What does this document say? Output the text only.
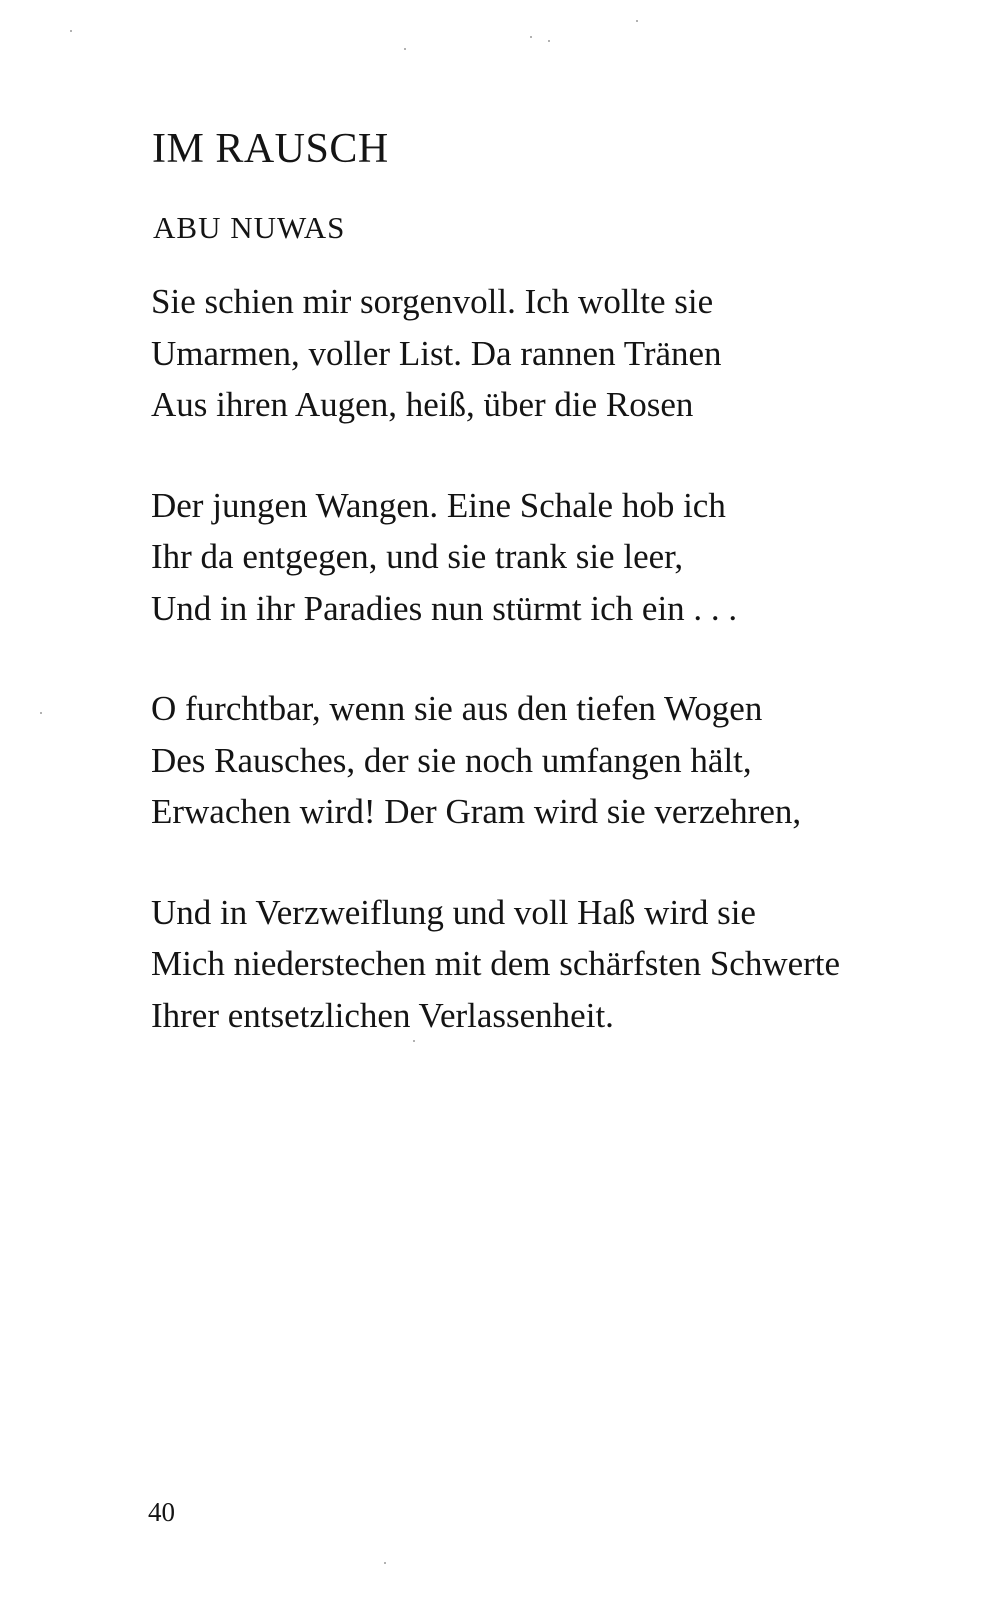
IM RAUSCH
ABU NUWAS
Sie schien mir sorgenvoll. Ich wollte sie
Umarmen, voller List. Da rannen Tränen
Aus ihren Augen, heiß, über die Rosen
Der jungen Wangen. Eine Schale hob ich
Ihr da entgegen, und sie trank sie leer,
Und in ihr Paradies nun stürmt ich ein . . .
O furchtbar, wenn sie aus den tiefen Wogen
Des Rausches, der sie noch umfangen hält,
Erwachen wird! Der Gram wird sie verzehren,
Und in Verzweiflung und voll Haß wird sie
Mich niederstechen mit dem schärfsten Schwerte
Ihrer entsetzlichen Verlassenheit.
40
